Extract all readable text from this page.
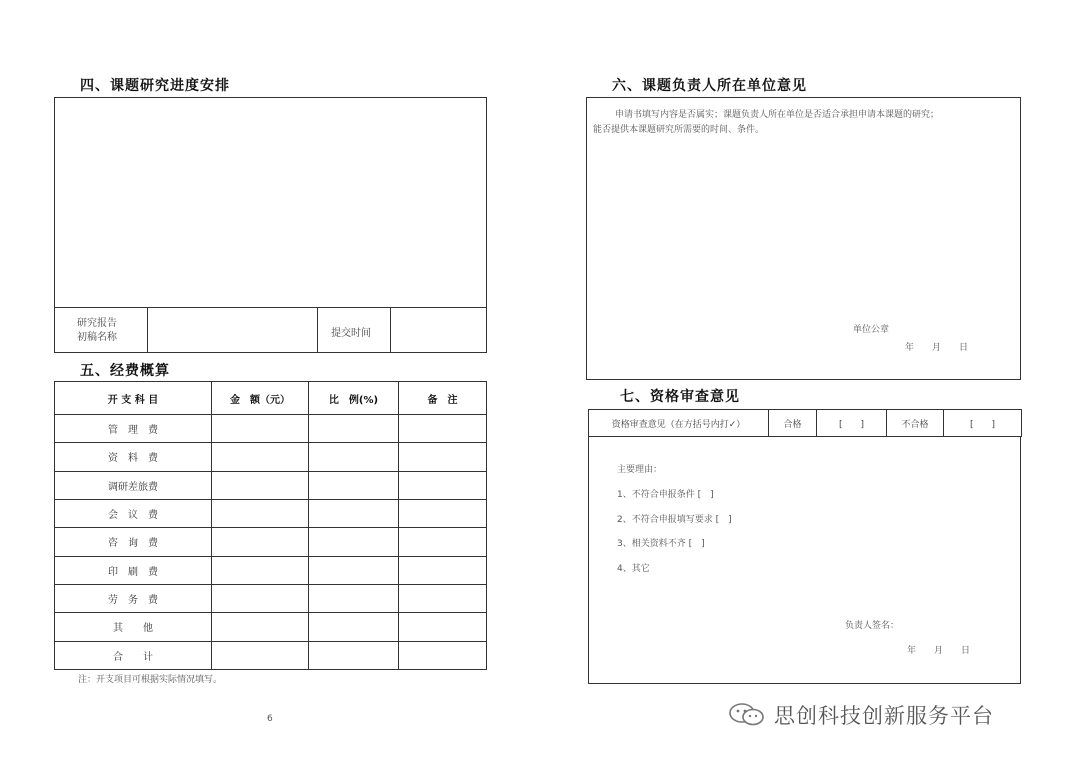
四、课题研究进度安排
研究报告
初稿名称	提交时间
五、经费概算
开 支 科 目	金　额（元）	比　例(%)	备　注
管　理　费			
资　料　费			
调研差旅费			
会　议　费			
咨　询　费			
印　刷　费			
劳　务　费			
其　　他			
合　　计			
注：开支项目可根据实际情况填写。
6
六、课题负责人所在单位意见
申请书填写内容是否属实；课题负责人所在单位是否适合承担申请本课题的研究；
能否提供本课题研究所需要的时间、条件。
单位公章
年　　月　　日
七、资格审查意见
资格审查意见（在方括号内打✓）	合格	[　　]	不合格	[　　]
主要理由：
1、不符合申报条件 [　]
2、不符合申报填写要求 [　]
3、相关资料不齐 [　]
4、其它
负责人签名：
年　　月　　日
思创科技创新服务平台
